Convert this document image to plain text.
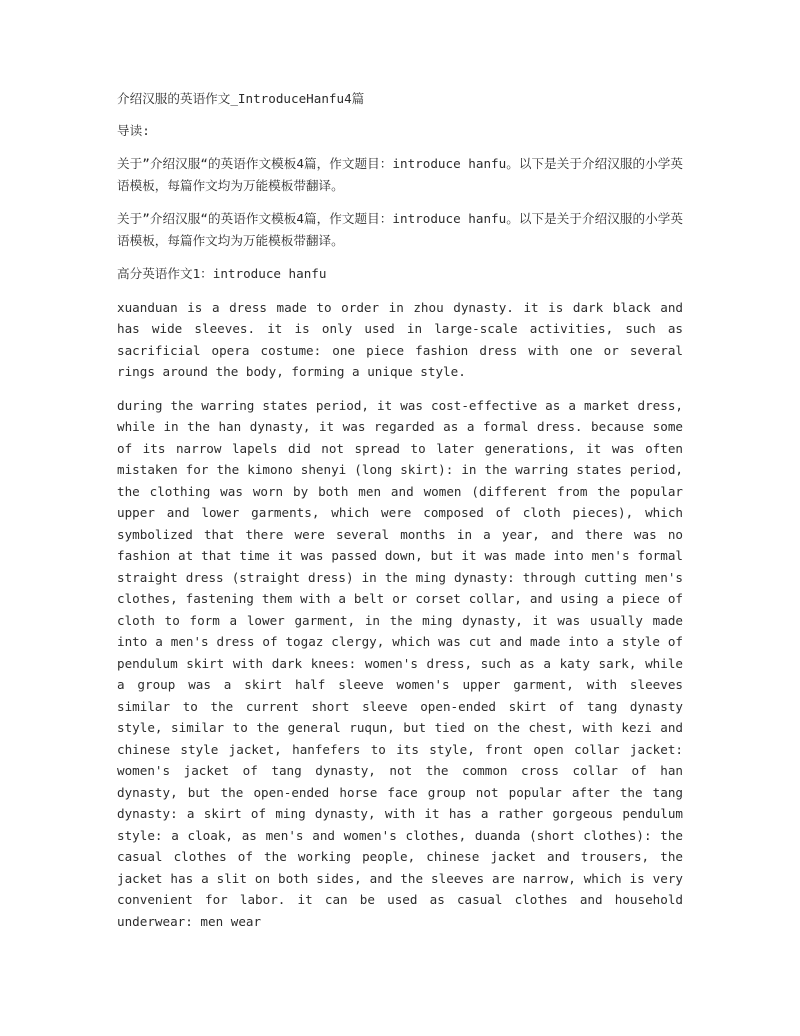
介绍汉服的英语作文_IntroduceHanfu4篇

导读:

关于”介绍汉服“的英语作文模板4篇，作文题目：introduce hanfu。以下是关于介绍汉服的小学英语模板，每篇作文均为万能模板带翻译。

关于”介绍汉服“的英语作文模板4篇，作文题目：introduce hanfu。以下是关于介绍汉服的小学英语模板，每篇作文均为万能模板带翻译。

高分英语作文1：introduce hanfu

xuanduan is a dress made to order in zhou dynasty. it is dark black and has wide sleeves. it is only used in large-scale activities, such as sacrificial opera costume: one piece fashion dress with one or several rings around the body, forming a unique style.

during the warring states period, it was cost-effective as a market dress, while in the han dynasty, it was regarded as a formal dress. because some of its narrow lapels did not spread to later generations, it was often mistaken for the kimono shenyi (long skirt): in the warring states period, the clothing was worn by both men and women (different from the popular upper and lower garments, which were composed of cloth pieces), which symbolized that there were several months in a year, and there was no fashion at that time it was passed down, but it was made into men's formal straight dress (straight dress) in the ming dynasty: through cutting men's clothes, fastening them with a belt or corset collar, and using a piece of cloth to form a lower garment, in the ming dynasty, it was usually made into a men's dress of togaz clergy, which was cut and made into a style of pendulum skirt with dark knees: women's dress, such as a katy sark, while a group was a skirt half sleeve women's upper garment, with sleeves similar to the current short sleeve open-ended skirt of tang dynasty style, similar to the general ruqun, but tied on the chest, with kezi and chinese style jacket, hanfefers to its style, front open collar jacket: women's jacket of tang dynasty, not the common cross collar of han dynasty, but the open-ended horse face group not popular after the tang dynasty: a skirt of ming dynasty, with it has a rather gorgeous pendulum style: a cloak, as men's and women's clothes, duanda (short clothes): the casual clothes of the working people, chinese jacket and trousers, the jacket has a slit on both sides, and the sleeves are narrow, which is very convenient for labor. it can be used as casual clothes and household underwear: men wear
